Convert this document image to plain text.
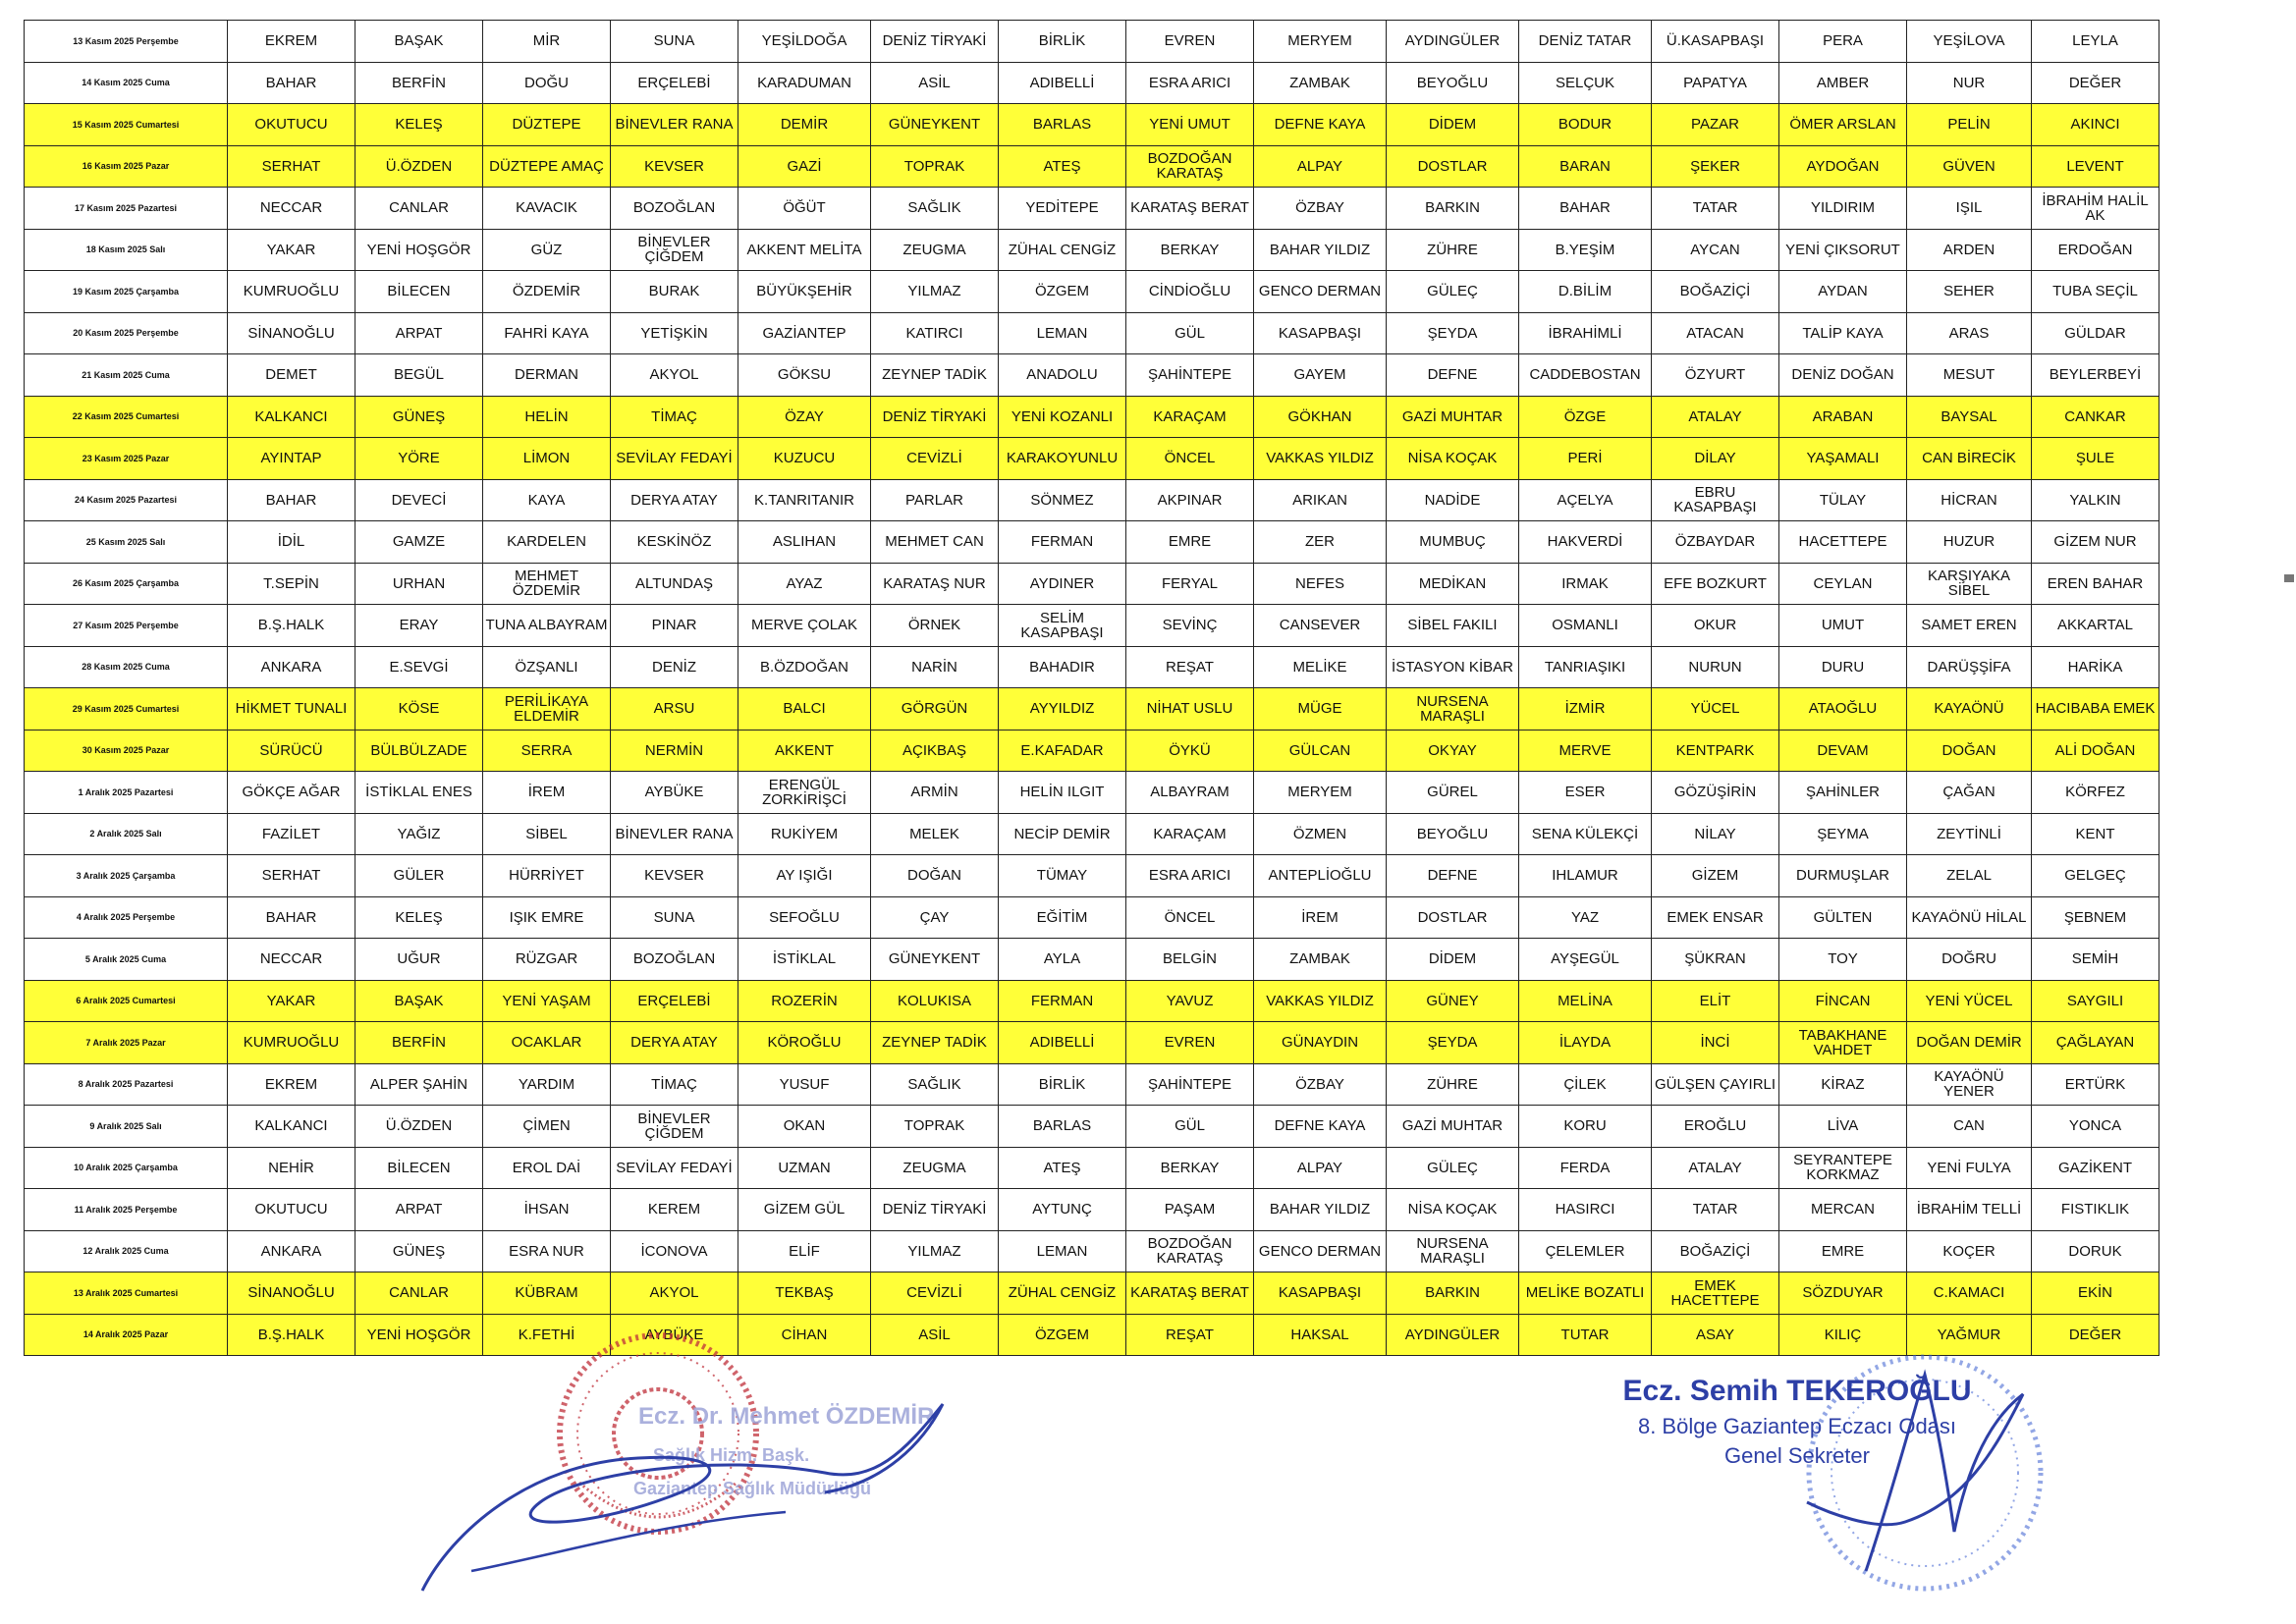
13 Kasım 2025 Perşembe	EKREM	BAŞAK	MİR	SUNA	YEŞİLDOĞA	DENİZ TİRYAKİ	BİRLİK	EVREN	MERYEM	AYDINGÜLER	DENİZ TATAR	Ü.KASAPBAŞI	PERA	YEŞİLOVA	LEYLA
14 Kasım 2025 Cuma	BAHAR	BERFİN	DOĞU	ERÇELEBİ	KARADUMAN	ASİL	ADIBELLİ	ESRA ARICI	ZAMBAK	BEYOĞLU	SELÇUK	PAPATYA	AMBER	NUR	DEĞER
15 Kasım 2025 Cumartesi	OKUTUCU	KELEŞ	DÜZTEPE	BİNEVLER RANA	DEMİR	GÜNEYKENT	BARLAS	YENİ UMUT	DEFNE KAYA	DİDEM	BODUR	PAZAR	ÖMER ARSLAN	PELİN	AKINCI
16 Kasım 2025 Pazar	SERHAT	Ü.ÖZDEN	DÜZTEPE AMAÇ	KEVSER	GAZİ	TOPRAK	ATEŞ	BOZDOĞAN KARATAŞ	ALPAY	DOSTLAR	BARAN	ŞEKER	AYDOĞAN	GÜVEN	LEVENT
17 Kasım 2025 Pazartesi	NECCAR	CANLAR	KAVACIK	BOZOĞLAN	ÖĞÜT	SAĞLIK	YEDİTEPE	KARATAŞ BERAT	ÖZBAY	BARKIN	BAHAR	TATAR	YILDIRIM	IŞIL	İBRAHİM HALİL AK
18 Kasım 2025 Salı	YAKAR	YENİ HOŞGÖR	GÜZ	BİNEVLER ÇİĞDEM	AKKENT MELİTA	ZEUGMA	ZÜHAL CENGİZ	BERKAY	BAHAR YILDIZ	ZÜHRE	B.YEŞİM	AYCAN	YENİ ÇIKSORUT	ARDEN	ERDOĞAN
19 Kasım 2025 Çarşamba	KUMRUOĞLU	BİLECEN	ÖZDEMİR	BURAK	BÜYÜKŞEHİR	YILMAZ	ÖZGEM	CİNDİOĞLU	GENCO DERMAN	GÜLEÇ	D.BİLİM	BOĞAZİÇİ	AYDAN	SEHER	TUBA SEÇİL
20 Kasım 2025 Perşembe	SİNANOĞLU	ARPAT	FAHRİ KAYA	YETİŞKİN	GAZİANTEP	KATIRCI	LEMAN	GÜL	KASAPBAŞI	ŞEYDA	İBRAHİMLİ	ATACAN	TALİP KAYA	ARAS	GÜLDAR
21 Kasım 2025 Cuma	DEMET	BEGÜL	DERMAN	AKYOL	GÖKSU	ZEYNEP TADİK	ANADOLU	ŞAHİNTEPE	GAYEM	DEFNE	CADDEBOSTAN	ÖZYURT	DENİZ DOĞAN	MESUT	BEYLERBEYİ
22 Kasım 2025 Cumartesi	KALKANCI	GÜNEŞ	HELİN	TİMAÇ	ÖZAY	DENİZ TİRYAKİ	YENİ KOZANLI	KARAÇAM	GÖKHAN	GAZİ MUHTAR	ÖZGE	ATALAY	ARABAN	BAYSAL	CANKAR
23 Kasım 2025 Pazar	AYINTAP	YÖRE	LİMON	SEVİLAY FEDAYİ	KUZUCU	CEVİZLİ	KARAKOYUNLU	ÖNCEL	VAKKAS YILDIZ	NİSA KOÇAK	PERİ	DİLAY	YAŞAMALI	CAN BİRECİK	ŞULE
24 Kasım 2025 Pazartesi	BAHAR	DEVECİ	KAYA	DERYA ATAY	K.TANRITANIR	PARLAR	SÖNMEZ	AKPINAR	ARIKAN	NADİDE	AÇELYA	EBRU KASAPBAŞI	TÜLAY	HİCRAN	YALKIN
25 Kasım 2025 Salı	İDİL	GAMZE	KARDELEN	KESKİNÖZ	ASLIHAN	MEHMET CAN	FERMAN	EMRE	ZER	MUMBUÇ	HAKVERDİ	ÖZBAYDAR	HACETTEPE	HUZUR	GİZEM NUR
26 Kasım 2025 Çarşamba	T.SEPİN	URHAN	MEHMET ÖZDEMİR	ALTUNDAŞ	AYAZ	KARATAŞ NUR	AYDINER	FERYAL	NEFES	MEDİKAN	IRMAK	EFE BOZKURT	CEYLAN	KARŞIYAKA SİBEL	EREN BAHAR
27 Kasım 2025 Perşembe	B.Ş.HALK	ERAY	TUNA ALBAYRAM	PINAR	MERVE ÇOLAK	ÖRNEK	SELİM KASAPBAŞI	SEVİNÇ	CANSEVER	SİBEL FAKILI	OSMANLI	OKUR	UMUT	SAMET EREN	AKKARTAL
28 Kasım 2025 Cuma	ANKARA	E.SEVGİ	ÖZŞANLI	DENİZ	B.ÖZDOĞAN	NARİN	BAHADIR	REŞAT	MELİKE	İSTASYON KİBAR	TANRIAŞIKI	NURUN	DURU	DARÜŞŞİFA	HARİKA
29 Kasım 2025 Cumartesi	HİKMET TUNALI	KÖSE	PERİLİKAYA ELDEMİR	ARSU	BALCI	GÖRGÜN	AYYILDIZ	NİHAT USLU	MÜGE	NURSENA MARAŞLI	İZMİR	YÜCEL	ATAOĞLU	KAYAÖNÜ	HACIBABA EMEK
30 Kasım 2025 Pazar	SÜRÜCÜ	BÜLBÜLZADE	SERRA	NERMİN	AKKENT	AÇIKBAŞ	E.KAFADAR	ÖYKÜ	GÜLCAN	OKYAY	MERVE	KENTPARK	DEVAM	DOĞAN	ALİ DOĞAN
1 Aralık 2025 Pazartesi	GÖKÇE AĞAR	İSTİKLAL ENES	İREM	AYBÜKE	ERENGÜL ZORKİRİŞCİ	ARMİN	HELİN ILGIT	ALBAYRAM	MERYEM	GÜREL	ESER	GÖZÜŞİRİN	ŞAHİNLER	ÇAĞAN	KÖRFEZ
2 Aralık 2025 Salı	FAZİLET	YAĞIZ	SİBEL	BİNEVLER RANA	RUKİYEM	MELEK	NECİP DEMİR	KARAÇAM	ÖZMEN	BEYOĞLU	SENA KÜLEKÇİ	NİLAY	ŞEYMA	ZEYTİNLİ	KENT
3 Aralık 2025 Çarşamba	SERHAT	GÜLER	HÜRRİYET	KEVSER	AY IŞIĞI	DOĞAN	TÜMAY	ESRA ARICI	ANTEPLİOĞLU	DEFNE	IHLAMUR	GİZEM	DURMUŞLAR	ZELAL	GELGEÇ
4 Aralık 2025 Perşembe	BAHAR	KELEŞ	IŞIK EMRE	SUNA	SEFOĞLU	ÇAY	EĞİTİM	ÖNCEL	İREM	DOSTLAR	YAZ	EMEK ENSAR	GÜLTEN	KAYAÖNÜ HİLAL	ŞEBNEM
5 Aralık 2025 Cuma	NECCAR	UĞUR	RÜZGAR	BOZOĞLAN	İSTİKLAL	GÜNEYKENT	AYLA	BELGİN	ZAMBAK	DİDEM	AYŞEGÜL	ŞÜKRAN	TOY	DOĞRU	SEMİH
6 Aralık 2025 Cumartesi	YAKAR	BAŞAK	YENİ YAŞAM	ERÇELEBİ	ROZERİN	KOLUKISA	FERMAN	YAVUZ	VAKKAS YILDIZ	GÜNEY	MELİNA	ELİT	FİNCAN	YENİ YÜCEL	SAYGILI
7 Aralık 2025 Pazar	KUMRUOĞLU	BERFİN	OCAKLAR	DERYA ATAY	KÖROĞLU	ZEYNEP TADİK	ADIBELLİ	EVREN	GÜNAYDIN	ŞEYDA	İLAYDA	İNCİ	TABAKHANE VAHDET	DOĞAN DEMİR	ÇAĞLAYAN
8 Aralık 2025 Pazartesi	EKREM	ALPER ŞAHİN	YARDIM	TİMAÇ	YUSUF	SAĞLIK	BİRLİK	ŞAHİNTEPE	ÖZBAY	ZÜHRE	ÇİLEK	GÜLŞEN ÇAYIRLI	KİRAZ	KAYAÖNÜ YENER	ERTÜRK
9 Aralık 2025 Salı	KALKANCI	Ü.ÖZDEN	ÇİMEN	BİNEVLER ÇİĞDEM	OKAN	TOPRAK	BARLAS	GÜL	DEFNE KAYA	GAZİ MUHTAR	KORU	EROĞLU	LİVA	CAN	YONCA
10 Aralık 2025 Çarşamba	NEHİR	BİLECEN	EROL DAİ	SEVİLAY FEDAYİ	UZMAN	ZEUGMA	ATEŞ	BERKAY	ALPAY	GÜLEÇ	FERDA	ATALAY	SEYRANTEPE KORKMAZ	YENİ FULYA	GAZİKENT
11 Aralık 2025 Perşembe	OKUTUCU	ARPAT	İHSAN	KEREM	GİZEM GÜL	DENİZ TİRYAKİ	AYTUNÇ	PAŞAM	BAHAR YILDIZ	NİSA KOÇAK	HASIRCI	TATAR	MERCAN	İBRAHİM TELLİ	FISTIKLIK
12 Aralık 2025 Cuma	ANKARA	GÜNEŞ	ESRA NUR	İCONOVA	ELİF	YILMAZ	LEMAN	BOZDOĞAN KARATAŞ	GENCO DERMAN	NURSENA MARAŞLI	ÇELEMLER	BOĞAZİÇİ	EMRE	KOÇER	DORUK
13 Aralık 2025 Cumartesi	SİNANOĞLU	CANLAR	KÜBRAM	AKYOL	TEKBAŞ	CEVİZLİ	ZÜHAL CENGİZ	KARATAŞ BERAT	KASAPBAŞI	BARKIN	MELİKE BOZATLI	EMEK HACETTEPE	SÖZDUYAR	C.KAMACI	EKİN
14 Aralık 2025 Pazar	B.Ş.HALK	YENİ HOŞGÖR	K.FETHİ	AYBÜKE	CİHAN	ASİL	ÖZGEM	REŞAT	HAKSAL	AYDINGÜLER	TUTAR	ASAY	KILIÇ	YAĞMUR	DEĞER
Ecz. Dr. Mehmet ÖZDEMİR
Sağlık Hizm. Başk.
Gaziantep Sağlık Müdürlüğü
Ecz. Semih TEKEROĞLU
8. Bölge Gaziantep Eczacı Odası
Genel Sekreter
